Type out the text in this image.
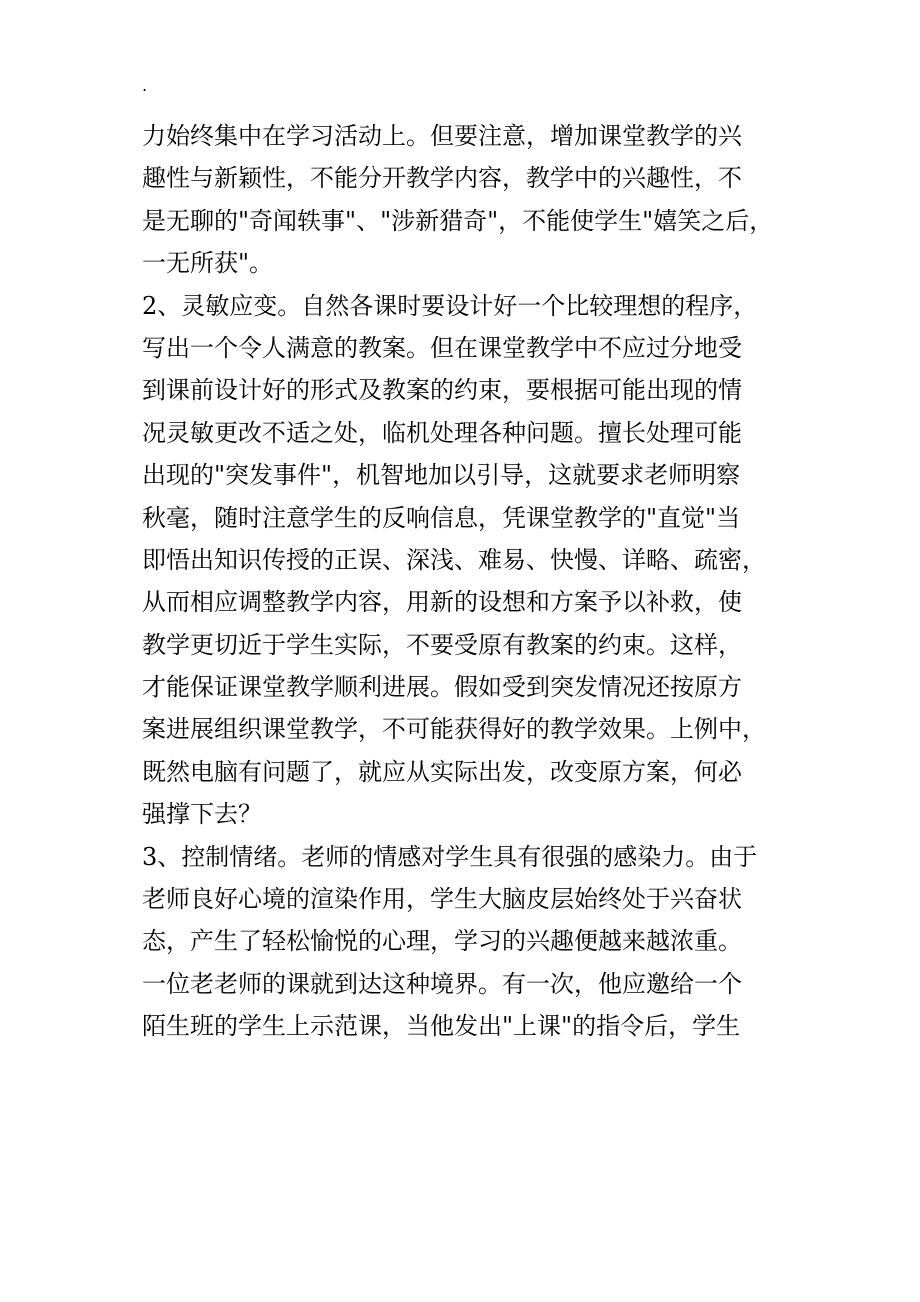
.
力始终集中在学习活动上。但要注意，增加课堂教学的兴
趣性与新颖性，不能分开教学内容，教学中的兴趣性，不
是无聊的"奇闻轶事"、"涉新猎奇"，不能使学生"嬉笑之后，
一无所获"。
2、灵敏应变。自然各课时要设计好一个比较理想的程序，
写出一个令人满意的教案。但在课堂教学中不应过分地受
到课前设计好的形式及教案的约束，要根据可能出现的情
况灵敏更改不适之处，临机处理各种问题。擅长处理可能
出现的"突发事件"，机智地加以引导，这就要求老师明察
秋毫，随时注意学生的反响信息，凭课堂教学的"直觉"当
即悟出知识传授的正误、深浅、难易、快慢、详略、疏密，
从而相应调整教学内容，用新的设想和方案予以补救，使
教学更切近于学生实际，不要受原有教案的约束。这样，
才能保证课堂教学顺利进展。假如受到突发情况还按原方
案进展组织课堂教学，不可能获得好的教学效果。上例中，
既然电脑有问题了，就应从实际出发，改变原方案，何必
强撑下去？
3、控制情绪。老师的情感对学生具有很强的感染力。由于
老师良好心境的渲染作用，学生大脑皮层始终处于兴奋状
态，产生了轻松愉悦的心理，学习的兴趣便越来越浓重。
一位老老师的课就到达这种境界。有一次，他应邀给一个
陌生班的学生上示范课，当他发出"上课"的指令后，学生
